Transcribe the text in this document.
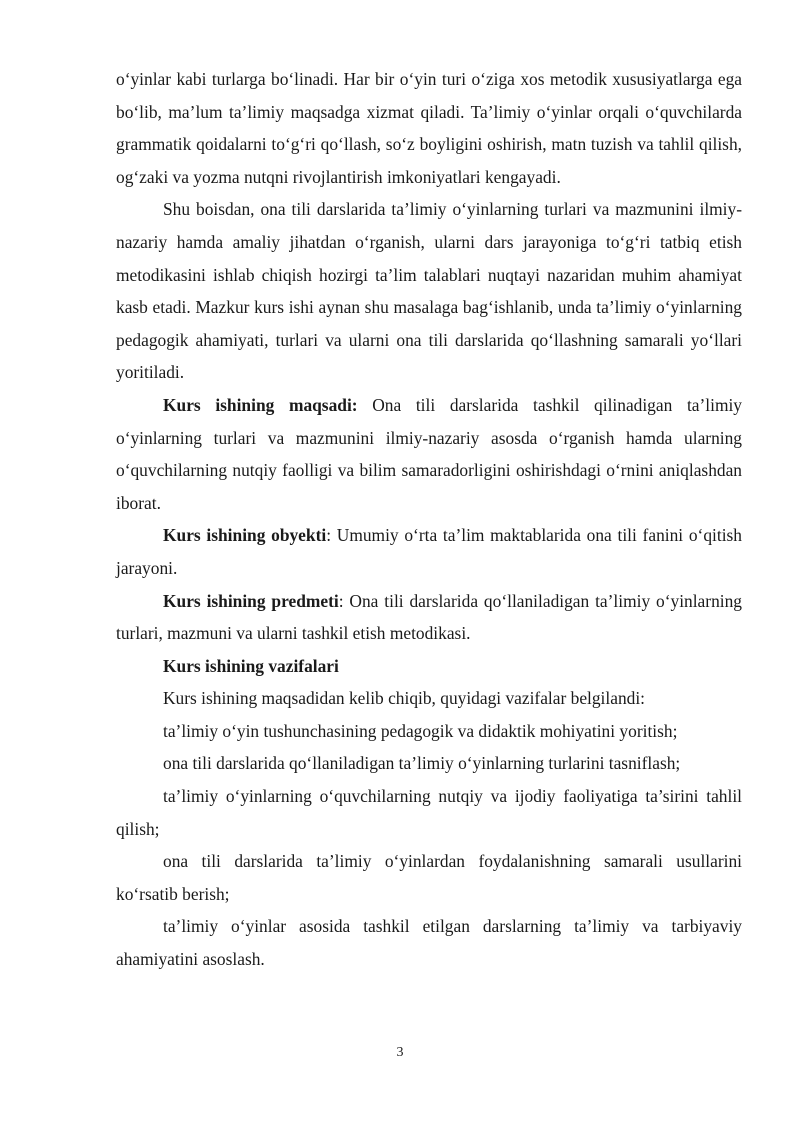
o‘yinlar kabi turlarga bo‘linadi. Har bir o‘yin turi o‘ziga xos metodik xususiyatlarga ega bo‘lib, ma’lum ta’limiy maqsadga xizmat qiladi. Ta’limiy o‘yinlar orqali o‘quvchilarda grammatik qoidalarni to‘g‘ri qo‘llash, so‘z boyligini oshirish, matn tuzish va tahlil qilish, og‘zaki va yozma nutqni rivojlantirish imkoniyatlari kengayadi.

Shu boisdan, ona tili darslarida ta’limiy o‘yinlarning turlari va mazmunini ilmiy-nazariy hamda amaliy jihatdan o‘rganish, ularni dars jarayoniga to‘g‘ri tatbiq etish metodikasini ishlab chiqish hozirgi ta’lim talablari nuqtayi nazaridan muhim ahamiyat kasb etadi. Mazkur kurs ishi aynan shu masalaga bag‘ishlanib, unda ta’limiy o‘yinlarning pedagogik ahamiyati, turlari va ularni ona tili darslarida qo‘llashning samarali yo‘llari yoritiladi.

Kurs ishining maqsadi: Ona tili darslarida tashkil qilinadigan ta’limiy o‘yinlarning turlari va mazmunini ilmiy-nazariy asosda o‘rganish hamda ularning o‘quvchilarning nutqiy faolligi va bilim samaradorligini oshirishdagi o‘rnini aniqlashdan iborat.

Kurs ishining obyekti: Umumiy o‘rta ta’lim maktablarida ona tili fanini o‘qitish jarayoni.

Kurs ishining predmeti: Ona tili darslarida qo‘llaniladigan ta’limiy o‘yinlarning turlari, mazmuni va ularni tashkil etish metodikasi.

Kurs ishining vazifalari

Kurs ishining maqsadidan kelib chiqib, quyidagi vazifalar belgilandi:

ta’limiy o‘yin tushunchasining pedagogik va didaktik mohiyatini yoritish;

ona tili darslarida qo‘llaniladigan ta’limiy o‘yinlarning turlarini tasniflash;

ta’limiy o‘yinlarning o‘quvchilarning nutqiy va ijodiy faoliyatiga ta’sirini tahlil qilish;

ona tili darslarida ta’limiy o‘yinlardan foydalanishning samarali usullarini ko‘rsatib berish;

ta’limiy o‘yinlar asosida tashkil etilgan darslarning ta’limiy va tarbiyaviy ahamiyatini asoslash.

3
